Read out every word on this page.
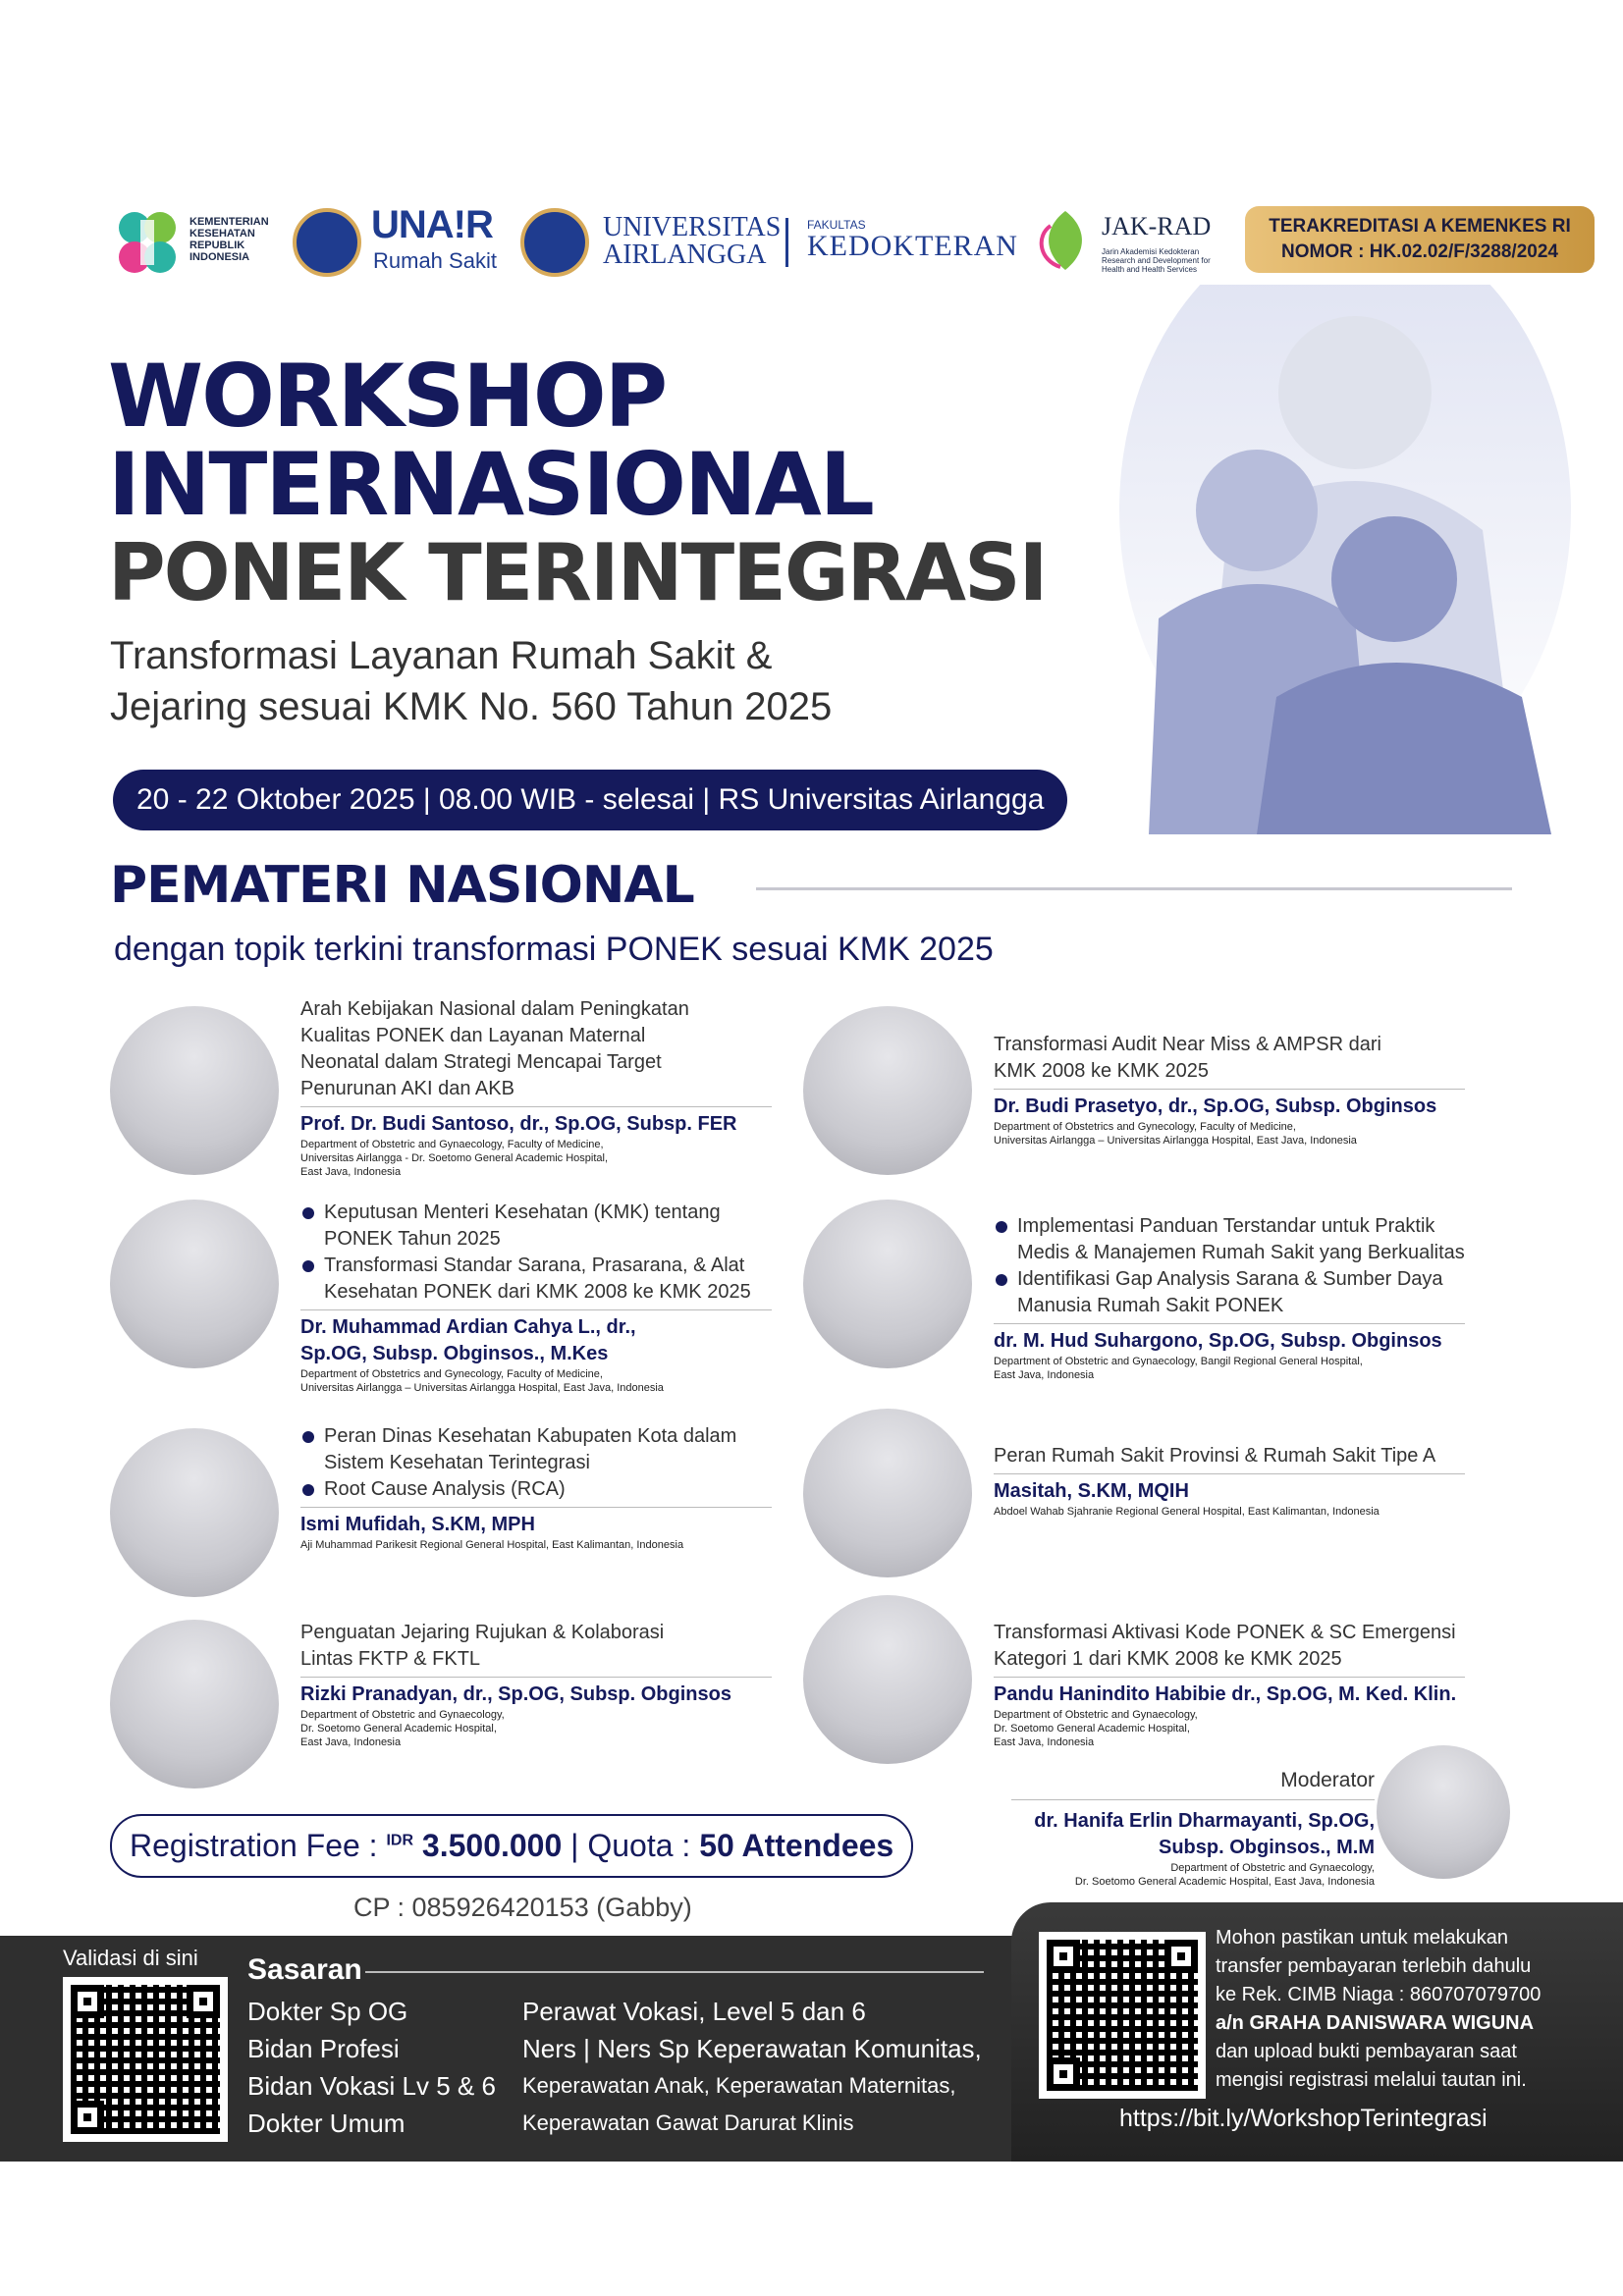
KEMENTERIAN
KESEHATAN
REPUBLIK
INDONESIA
UNA!R
Rumah Sakit
UNIVERSITAS
AIRLANGGA
FAKULTAS
KEDOKTERAN
JAK-RAD
Jarin Akademisi Kedokteran Research and Development for Health and Health Services
TERAKREDITASI A KEMENKES RI
NOMOR : HK.02.02/F/3288/2024
WORKSHOP
INTERNASIONAL
PONEK TERINTEGRASI
Transformasi Layanan Rumah Sakit &
Jejaring sesuai KMK No. 560 Tahun 2025
20 - 22 Oktober 2025 | 08.00 WIB - selesai | RS Universitas Airlangga
PEMATERI NASIONAL
dengan topik terkini transformasi PONEK sesuai KMK 2025
Arah Kebijakan Nasional dalam Peningkatan
Kualitas PONEK dan Layanan Maternal
Neonatal dalam Strategi Mencapai Target
Penurunan AKI dan AKB
Prof. Dr. Budi Santoso, dr., Sp.OG, Subsp. FER
Department of Obstetric and Gynaecology, Faculty of Medicine,
Universitas Airlangga - Dr. Soetomo General Academic Hospital,
East Java, Indonesia
Keputusan Menteri Kesehatan (KMK) tentang
PONEK Tahun 2025
Transformasi Standar Sarana, Prasarana, & Alat
Kesehatan PONEK dari KMK 2008 ke KMK 2025
Dr. Muhammad Ardian Cahya L., dr.,
Sp.OG, Subsp. Obginsos., M.Kes
Department of Obstetrics and Gynecology, Faculty of Medicine,
Universitas Airlangga – Universitas Airlangga Hospital, East Java, Indonesia
Peran Dinas Kesehatan Kabupaten Kota dalam
Sistem Kesehatan Terintegrasi
Root Cause Analysis (RCA)
Ismi Mufidah, S.KM, MPH
Aji Muhammad Parikesit Regional General Hospital, East Kalimantan, Indonesia
Penguatan Jejaring Rujukan & Kolaborasi
Lintas FKTP & FKTL
Rizki Pranadyan, dr., Sp.OG, Subsp. Obginsos
Department of Obstetric and Gynaecology,
Dr. Soetomo General Academic Hospital,
East Java, Indonesia
Transformasi Audit Near Miss & AMPSR dari
KMK 2008 ke KMK 2025
Dr. Budi Prasetyo, dr., Sp.OG, Subsp. Obginsos
Department of Obstetrics and Gynecology, Faculty of Medicine,
Universitas Airlangga – Universitas Airlangga Hospital, East Java, Indonesia
Implementasi Panduan Terstandar untuk Praktik
Medis & Manajemen Rumah Sakit yang Berkualitas
Identifikasi Gap Analysis Sarana & Sumber Daya
Manusia Rumah Sakit PONEK
dr. M. Hud Suhargono, Sp.OG, Subsp. Obginsos
Department of Obstetric and Gynaecology, Bangil Regional General Hospital,
East Java, Indonesia
Peran Rumah Sakit Provinsi & Rumah Sakit Tipe A
Masitah, S.KM, MQIH
Abdoel Wahab Sjahranie Regional General Hospital, East Kalimantan, Indonesia
Transformasi Aktivasi Kode PONEK & SC Emergensi
Kategori 1 dari KMK 2008 ke KMK 2025
Pandu Hanindito Habibie dr., Sp.OG, M. Ked. Klin.
Department of Obstetric and Gynaecology,
Dr. Soetomo General Academic Hospital,
East Java, Indonesia
Moderator
dr. Hanifa Erlin Dharmayanti, Sp.OG,
Subsp. Obginsos., M.M
Department of Obstetric and Gynaecology,
Dr. Soetomo General Academic Hospital, East Java, Indonesia
Registration Fee : $^{IDR}$ 3.500.000 | Quota : 50 Attendees
CP : 085926420153 (Gabby)
Validasi di sini Sasaran
Dokter Sp OG
Bidan Profesi
Bidan Vokasi Lv 5 & 6
Dokter Umum
Perawat Vokasi, Level 5 dan 6
Ners | Ners Sp Keperawatan Komunitas,
Keperawatan Anak, Keperawatan Maternitas,
Keperawatan Gawat Darurat Klinis
Mohon pastikan untuk melakukan
transfer pembayaran terlebih dahulu
ke Rek. CIMB Niaga : 860707079700
a/n GRAHA DANISWARA WIGUNA
dan upload bukti pembayaran saat
mengisi registrasi melalui tautan ini.
https://bit.ly/WorkshopTerintegrasi
